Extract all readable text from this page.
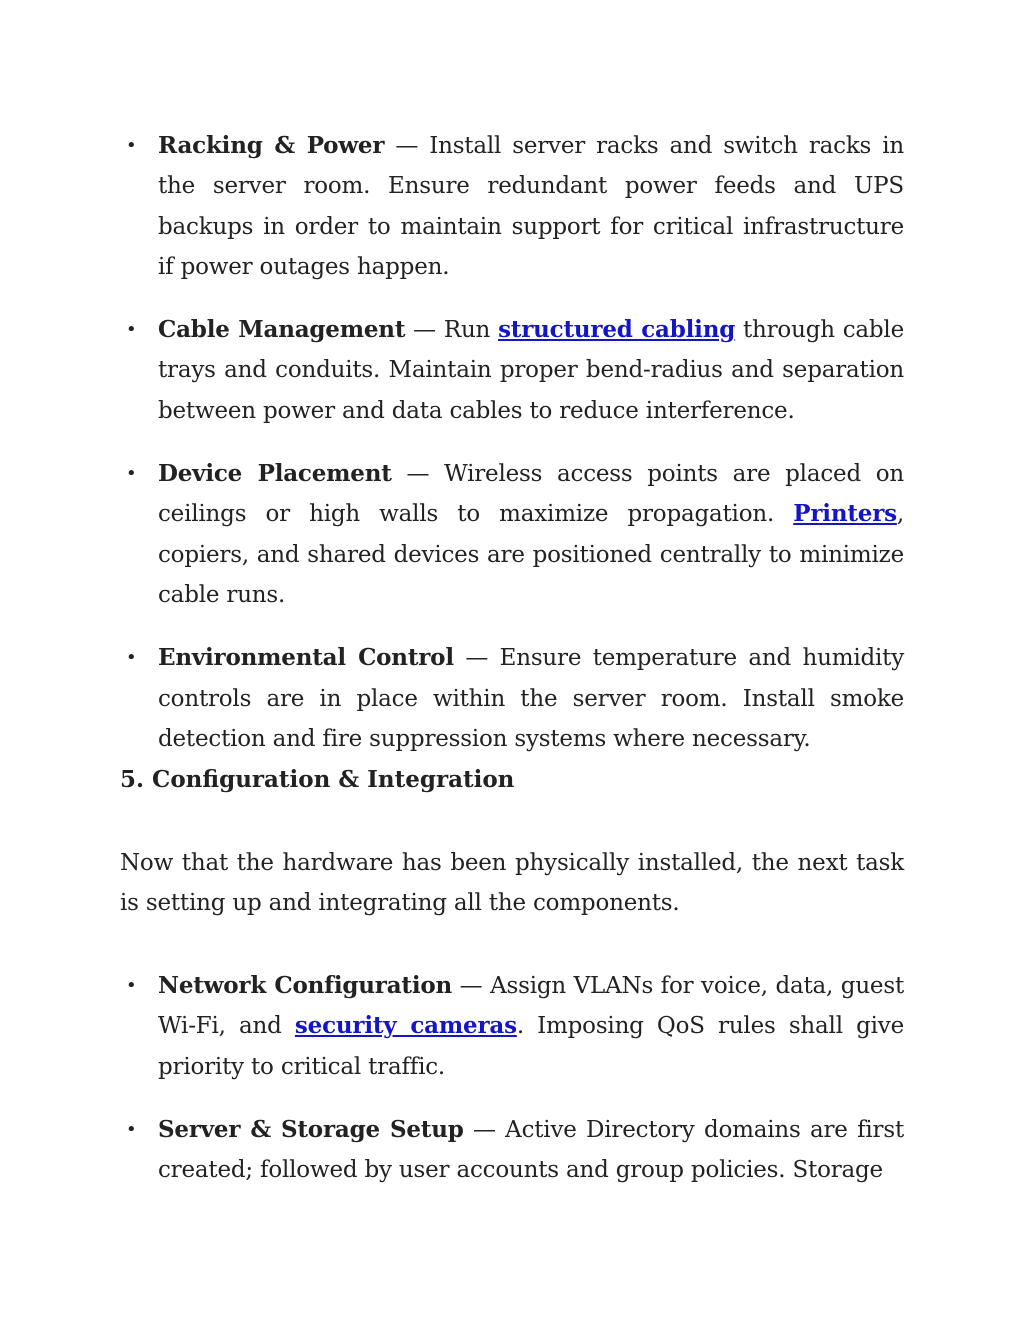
• Racking & Power — Install server racks and switch racks in the server room. Ensure redundant power feeds and UPS backups in order to maintain support for critical infrastructure if power outages happen.
• Cable Management — Run structured cabling through cable trays and conduits. Maintain proper bend-radius and separation between power and data cables to reduce interference.
• Device Placement — Wireless access points are placed on ceilings or high walls to maximize propagation. Printers, copiers, and shared devices are positioned centrally to minimize cable runs.
• Environmental Control — Ensure temperature and humidity controls are in place within the server room. Install smoke detection and fire suppression systems where necessary.
5. Configuration & Integration

Now that the hardware has been physically installed, the next task is setting up and integrating all the components.

• Network Configuration — Assign VLANs for voice, data, guest Wi-Fi, and security cameras. Imposing QoS rules shall give priority to critical traffic.
• Server & Storage Setup — Active Directory domains are first created; followed by user accounts and group policies. Storage
